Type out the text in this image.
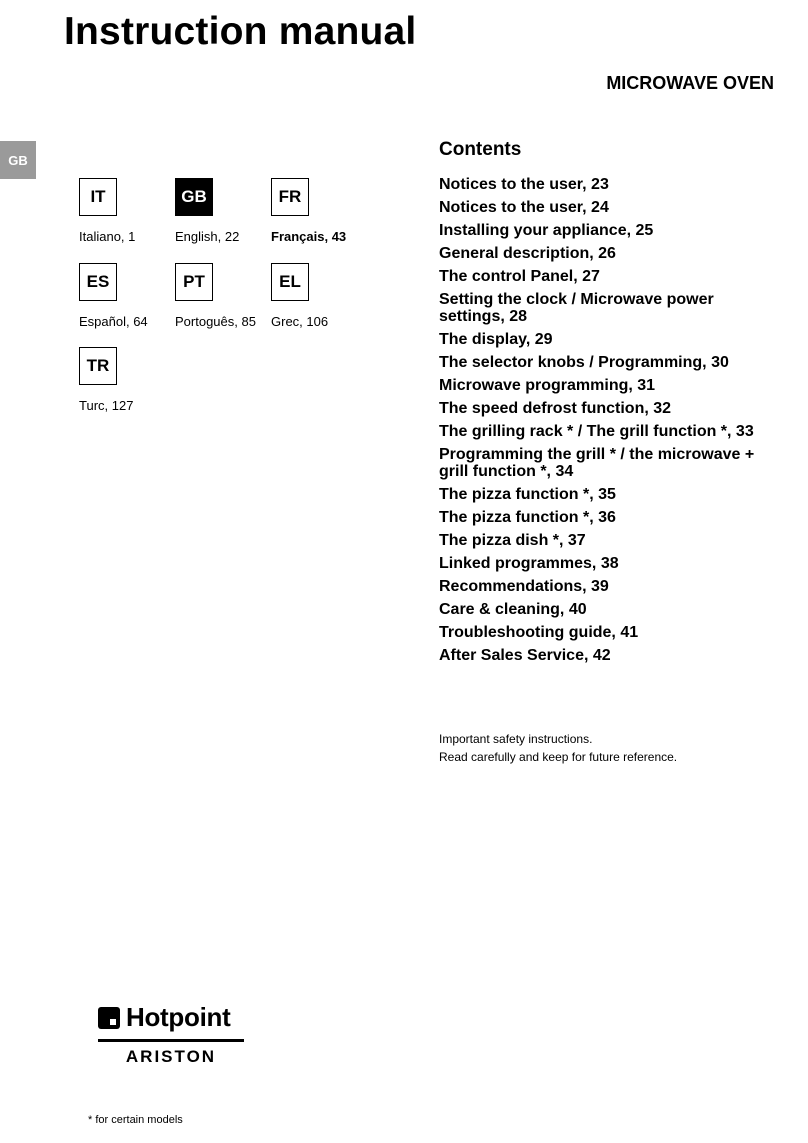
Instruction manual
MICROWAVE OVEN
GB
IT
Italiano, 1
GB
English, 22
FR
Français, 43
ES
Español, 64
PT
Portoguês, 85
EL
Grec, 106
TR
Turc, 127
Contents
Notices to the user, 23
Notices to the user, 24
Installing your appliance, 25
General description, 26
The control Panel, 27
Setting the clock / Microwave power settings, 28
The display, 29
The selector knobs / Programming, 30
Microwave programming, 31
The speed defrost function, 32
The grilling rack * / The grill function *, 33
Programming the grill * / the microwave + grill function *, 34
The pizza function *, 35
The pizza function *, 36
The pizza dish *, 37
Linked programmes, 38
Recommendations, 39
Care & cleaning, 40
Troubleshooting guide, 41
After Sales Service, 42
Important safety instructions.
Read carefully and keep for future reference.
Hotpoint
ARISTON
* for certain models
